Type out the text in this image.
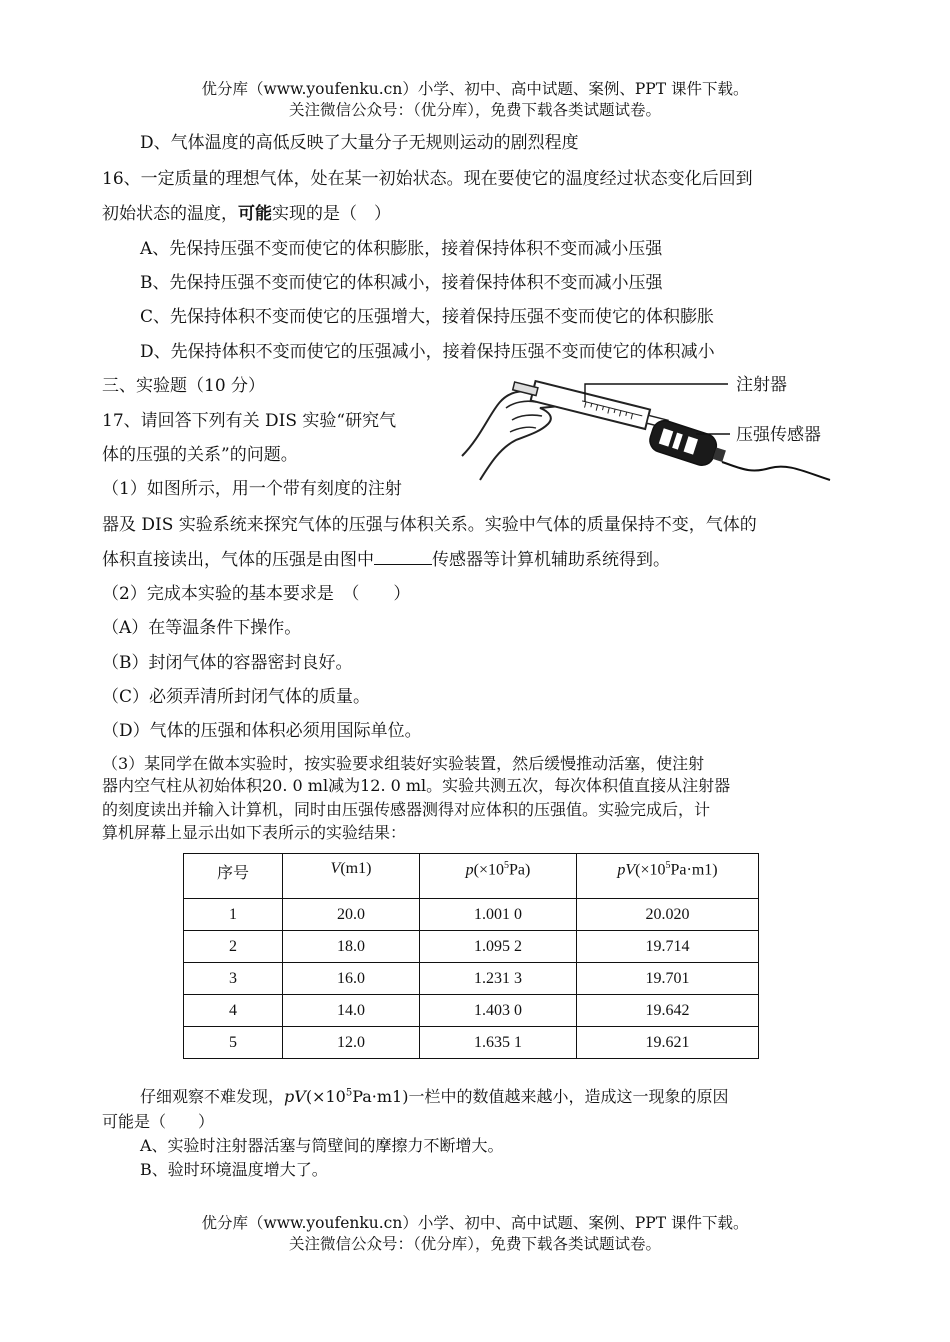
优分库（www.youfenku.cn）小学、初中、高中试题、案例、PPT 课件下载。
关注微信公众号：（优分库），免费下载各类试题试卷。
D、气体温度的高低反映了大量分子无规则运动的剧烈程度
16、一定质量的理想气体，处在某一初始状态。现在要使它的温度经过状态变化后回到
初始状态的温度，可能实现的是（　）
A、先保持压强不变而使它的体积膨胀，接着保持体积不变而减小压强
B、先保持压强不变而使它的体积减小，接着保持体积不变而减小压强
C、先保持体积不变而使它的压强增大，接着保持压强不变而使它的体积膨胀
D、先保持体积不变而使它的压强减小，接着保持压强不变而使它的体积减小
三、实验题（10 分）
17、请回答下列有关 DIS 实验“研究气
体的压强的关系”的问题。
（1）如图所示，用一个带有刻度的注射
注射器
压强传感器
器及 DIS 实验系统来探究气体的压强与体积关系。实验中气体的质量保持不变，气体的
体积直接读出，气体的压强是由图中	传感器等计算机辅助系统得到。
（2）完成本实验的基本要求是　（　　）
（A）在等温条件下操作。
（B）封闭气体的容器密封良好。
（C）必须弄清所封闭气体的质量。
（D）气体的压强和体积必须用国际单位。
（3）某同学在做本实验时，按实验要求组装好实验装置，然后缓慢推动活塞，使注射
器内空气柱从初始体积20. 0 ml减为12. 0 ml。实验共测五次，每次体积值直接从注射器
的刻度读出并输入计算机，同时由压强传感器测得对应体积的压强值。实验完成后，计
算机屏幕上显示出如下表所示的实验结果：
序号	V(m1)	$p(\times 10^5Pa)$	$pV(\times 10^5Pa\cdot m1)$
1	20.0	1.001 0	20.020
2	18.0	1.095 2	19.714
3	16.0	1.231 3	19.701
4	14.0	1.403 0	19.642
5	12.0	1.635 1	19.621
仔细观察不难发现，$pV(\times 10^5Pa\cdot m1)$一栏中的数值越来越小，造成这一现象的原因
可能是（　　）
A、实验时注射器活塞与筒壁间的摩擦力不断增大。
B、验时环境温度增大了。
优分库（www.youfenku.cn）小学、初中、高中试题、案例、PPT 课件下载。
关注微信公众号：（优分库），免费下载各类试题试卷。
